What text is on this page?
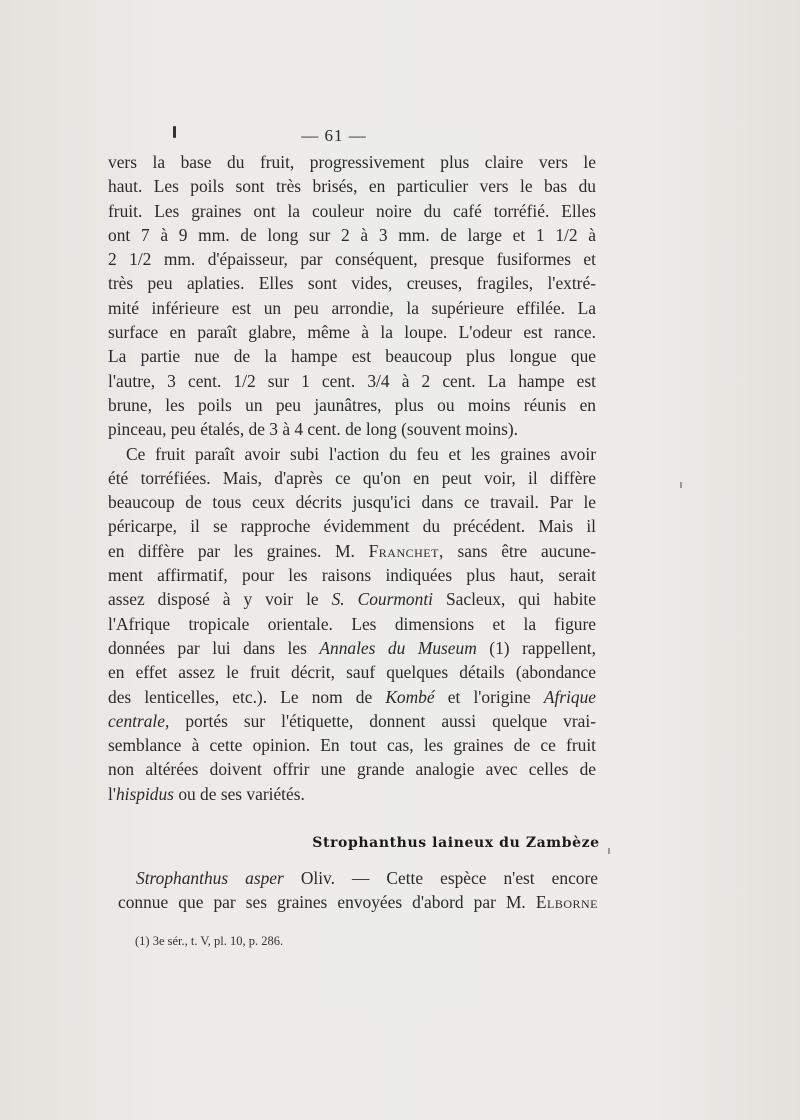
— 61 —
vers la base du fruit, progressivement plus claire vers le
haut. Les poils sont très brisés, en particulier vers le bas du
fruit. Les graines ont la couleur noire du café torréfié. Elles
ont 7 à 9 mm. de long sur 2 à 3 mm. de large et 1 1/2 à
2 1/2 mm. d'épaisseur, par conséquent, presque fusiformes et
très peu aplaties. Elles sont vides, creuses, fragiles, l'extré-
mité inférieure est un peu arrondie, la supérieure effilée. La
surface en paraît glabre, même à la loupe. L'odeur est rance.
La partie nue de la hampe est beaucoup plus longue que
l'autre, 3 cent. 1/2 sur 1 cent. 3/4 à 2 cent. La hampe est
brune, les poils un peu jaunâtres, plus ou moins réunis en
pinceau, peu étalés, de 3 à 4 cent. de long (souvent moins).
Ce fruit paraît avoir subi l'action du feu et les graines avoir
été torréfiées. Mais, d'après ce qu'on en peut voir, il diffère
beaucoup de tous ceux décrits jusqu'ici dans ce travail. Par le
péricarpe, il se rapproche évidemment du précédent. Mais il
en diffère par les graines. M. Franchet, sans être aucune-
ment affirmatif, pour les raisons indiquées plus haut, serait
assez disposé à y voir le S. Courmonti Sacleux, qui habite
l'Afrique tropicale orientale. Les dimensions et la figure
données par lui dans les Annales du Museum (1) rappellent,
en effet assez le fruit décrit, sauf quelques détails (abondance
des lenticelles, etc.). Le nom de Kombé et l'origine Afrique
centrale, portés sur l'étiquette, donnent aussi quelque vrai-
semblance à cette opinion. En tout cas, les graines de ce fruit
non altérées doivent offrir une grande analogie avec celles de
l'hispidus ou de ses variétés.
Strophanthus laineux du Zambèze
Strophanthus asper Oliv. — Cette espèce n'est encore
connue que par ses graines envoyées d'abord par M. Elborne
(1) 3e sér., t. V, pl. 10, p. 286.
